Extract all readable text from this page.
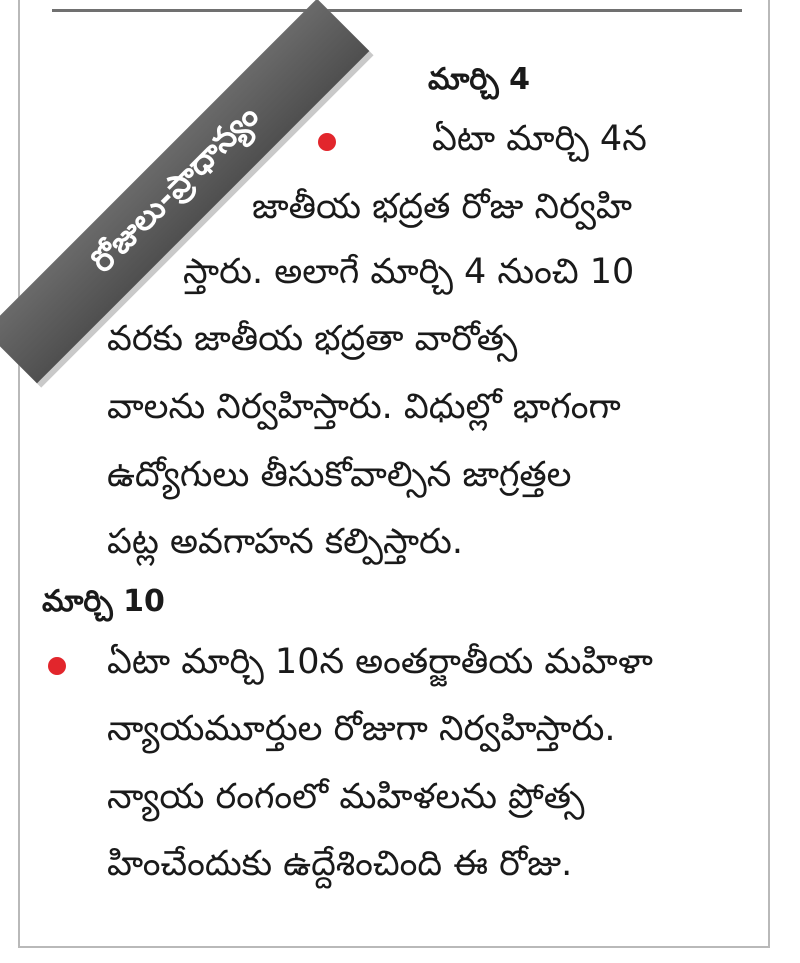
రోజులు-ప్రాధాన్యం
మార్చి 4
ఏటా మార్చి 4న
జాతీయ భద్రత రోజు నిర్వహి
స్తారు. అలాగే మార్చి 4 నుంచి 10
వరకు జాతీయ భద్రతా వారోత్స
వాలను నిర్వహిస్తారు. విధుల్లో భాగంగా
ఉద్యోగులు తీసుకోవాల్సిన జాగ్రత్తల
పట్ల అవగాహన కల్పిస్తారు.
మార్చి 10
ఏటా మార్చి 10న అంతర్జాతీయ మహిళా
న్యాయమూర్తుల రోజుగా నిర్వహిస్తారు.
న్యాయ రంగంలో మహిళలను ప్రోత్స
హించేందుకు ఉద్దేశించింది ఈ రోజు.
